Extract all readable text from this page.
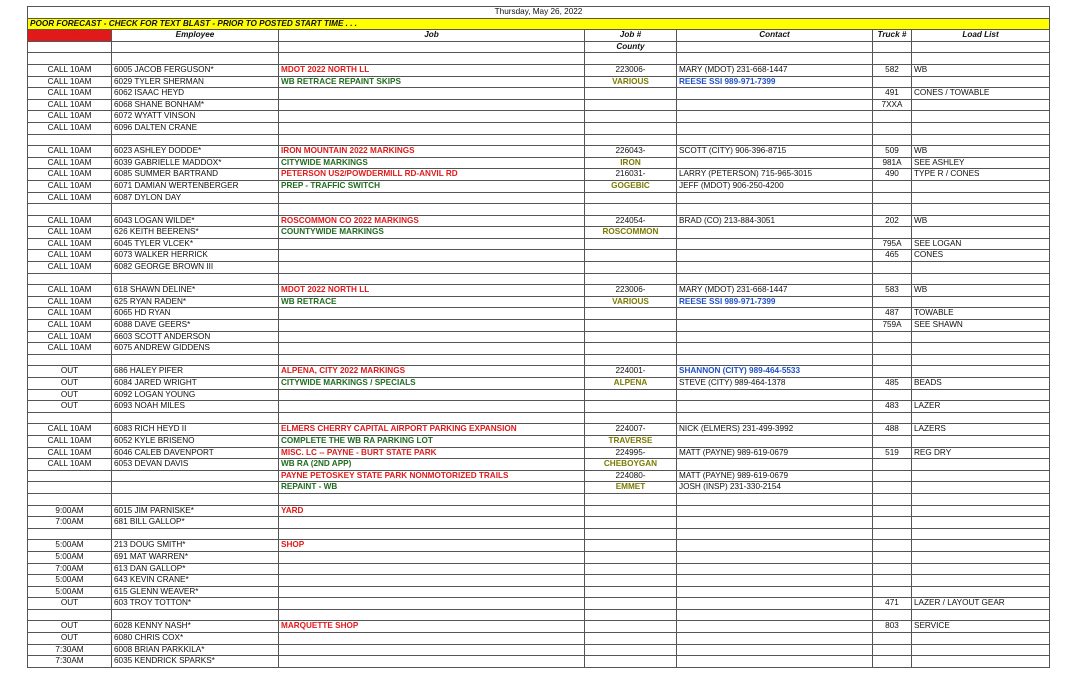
Thursday, May 26, 2022						
POOR FORECAST - CHECK FOR TEXT BLAST - PRIOR TO POSTED START TIME . . .						
Time	Employee	Job	Job #	Contact	Truck #	Load List
			County			

CALL 10AM	6005 JACOB FERGUSON*	MDOT 2022 NORTH LL	223006-	MARY (MDOT) 231-668-1447	582	WB
CALL 10AM	6029 TYLER SHERMAN	WB RETRACE REPAINT SKIPS	VARIOUS	REESE SSI 989-971-7399		
CALL 10AM	6062 ISAAC HEYD				491	CONES / TOWABLE
CALL 10AM	6068 SHANE BONHAM*				7XXA	
CALL 10AM	6072 WYATT VINSON					
CALL 10AM	6096 DALTEN CRANE					

CALL 10AM	6023 ASHLEY DODDE*	IRON MOUNTAIN 2022 MARKINGS	226043-	SCOTT (CITY) 906-396-8715	509	WB
CALL 10AM	6039 GABRIELLE MADDOX*	CITYWIDE MARKINGS	IRON		981A	SEE ASHLEY
CALL 10AM	6085 SUMMER BARTRAND	PETERSON US2/POWDERMILL RD-ANVIL RD	216031-	LARRY (PETERSON) 715-965-3015	490	TYPE R / CONES
CALL 10AM	6071 DAMIAN WERTENBERGER	PREP - TRAFFIC SWITCH	GOGEBIC	JEFF (MDOT) 906-250-4200		
CALL 10AM	6087 DYLON DAY					

CALL 10AM	6043 LOGAN WILDE*	ROSCOMMON CO 2022 MARKINGS	224054-	BRAD (CO) 213-884-3051	202	WB
CALL 10AM	626 KEITH BEERENS*	COUNTYWIDE MARKINGS	ROSCOMMON			
CALL 10AM	6045 TYLER VLCEK*				795A	SEE LOGAN
CALL 10AM	6073 WALKER HERRICK				465	CONES
CALL 10AM	6082 GEORGE BROWN III					

CALL 10AM	618 SHAWN DELINE*	MDOT 2022 NORTH LL	223006-	MARY (MDOT) 231-668-1447	583	WB
CALL 10AM	625 RYAN RADEN*	WB RETRACE	VARIOUS	REESE SSI 989-971-7399		
CALL 10AM	6065 HD RYAN				487	TOWABLE
CALL 10AM	6088 DAVE GEERS*				759A	SEE SHAWN
CALL 10AM	6603 SCOTT ANDERSON					
CALL 10AM	6075 ANDREW GIDDENS					

OUT	686 HALEY PIFER	ALPENA, CITY 2022 MARKINGS	224001-	SHANNON (CITY) 989-464-5533		
OUT	6084 JARED WRIGHT	CITYWIDE MARKINGS / SPECIALS	ALPENA	STEVE (CITY) 989-464-1378	485	BEADS
OUT	6092 LOGAN YOUNG					
OUT	6093 NOAH MILES				483	LAZER

CALL 10AM	6083 RICH HEYD II	ELMERS CHERRY CAPITAL AIRPORT PARKING EXPANSION	224007-	NICK (ELMERS) 231-499-3992	488	LAZERS
CALL 10AM	6052 KYLE BRISENO	COMPLETE THE WB RA PARKING LOT	TRAVERSE			
CALL 10AM	6046 CALEB DAVENPORT	MISC. LC -- PAYNE - BURT STATE PARK	224995-	MATT (PAYNE) 989-619-0679	519	REG DRY
CALL 10AM	6053 DEVAN DAVIS	WB RA (2ND APP)	CHEBOYGAN			
		PAYNE PETOSKEY STATE PARK NONMOTORIZED TRAILS	224080-	MATT (PAYNE) 989-619-0679		
		REPAINT - WB	EMMET	JOSH (INSP) 231-330-2154		

9:00AM	6015 JIM PARNISKE*	YARD				
7:00AM	681 BILL GALLOP*					

5:00AM	213 DOUG SMITH*	SHOP				
5:00AM	691 MAT WARREN*					
7:00AM	613 DAN GALLOP*					
5:00AM	643 KEVIN CRANE*					
5:00AM	615 GLENN WEAVER*					
OUT	603 TROY TOTTON*				471	LAZER / LAYOUT GEAR

OUT	6028 KENNY NASH*	MARQUETTE SHOP			803	SERVICE
OUT	6080 CHRIS COX*					
7:30AM	6008 BRIAN PARKKILA*					
7:30AM	6035 KENDRICK SPARKS*					
